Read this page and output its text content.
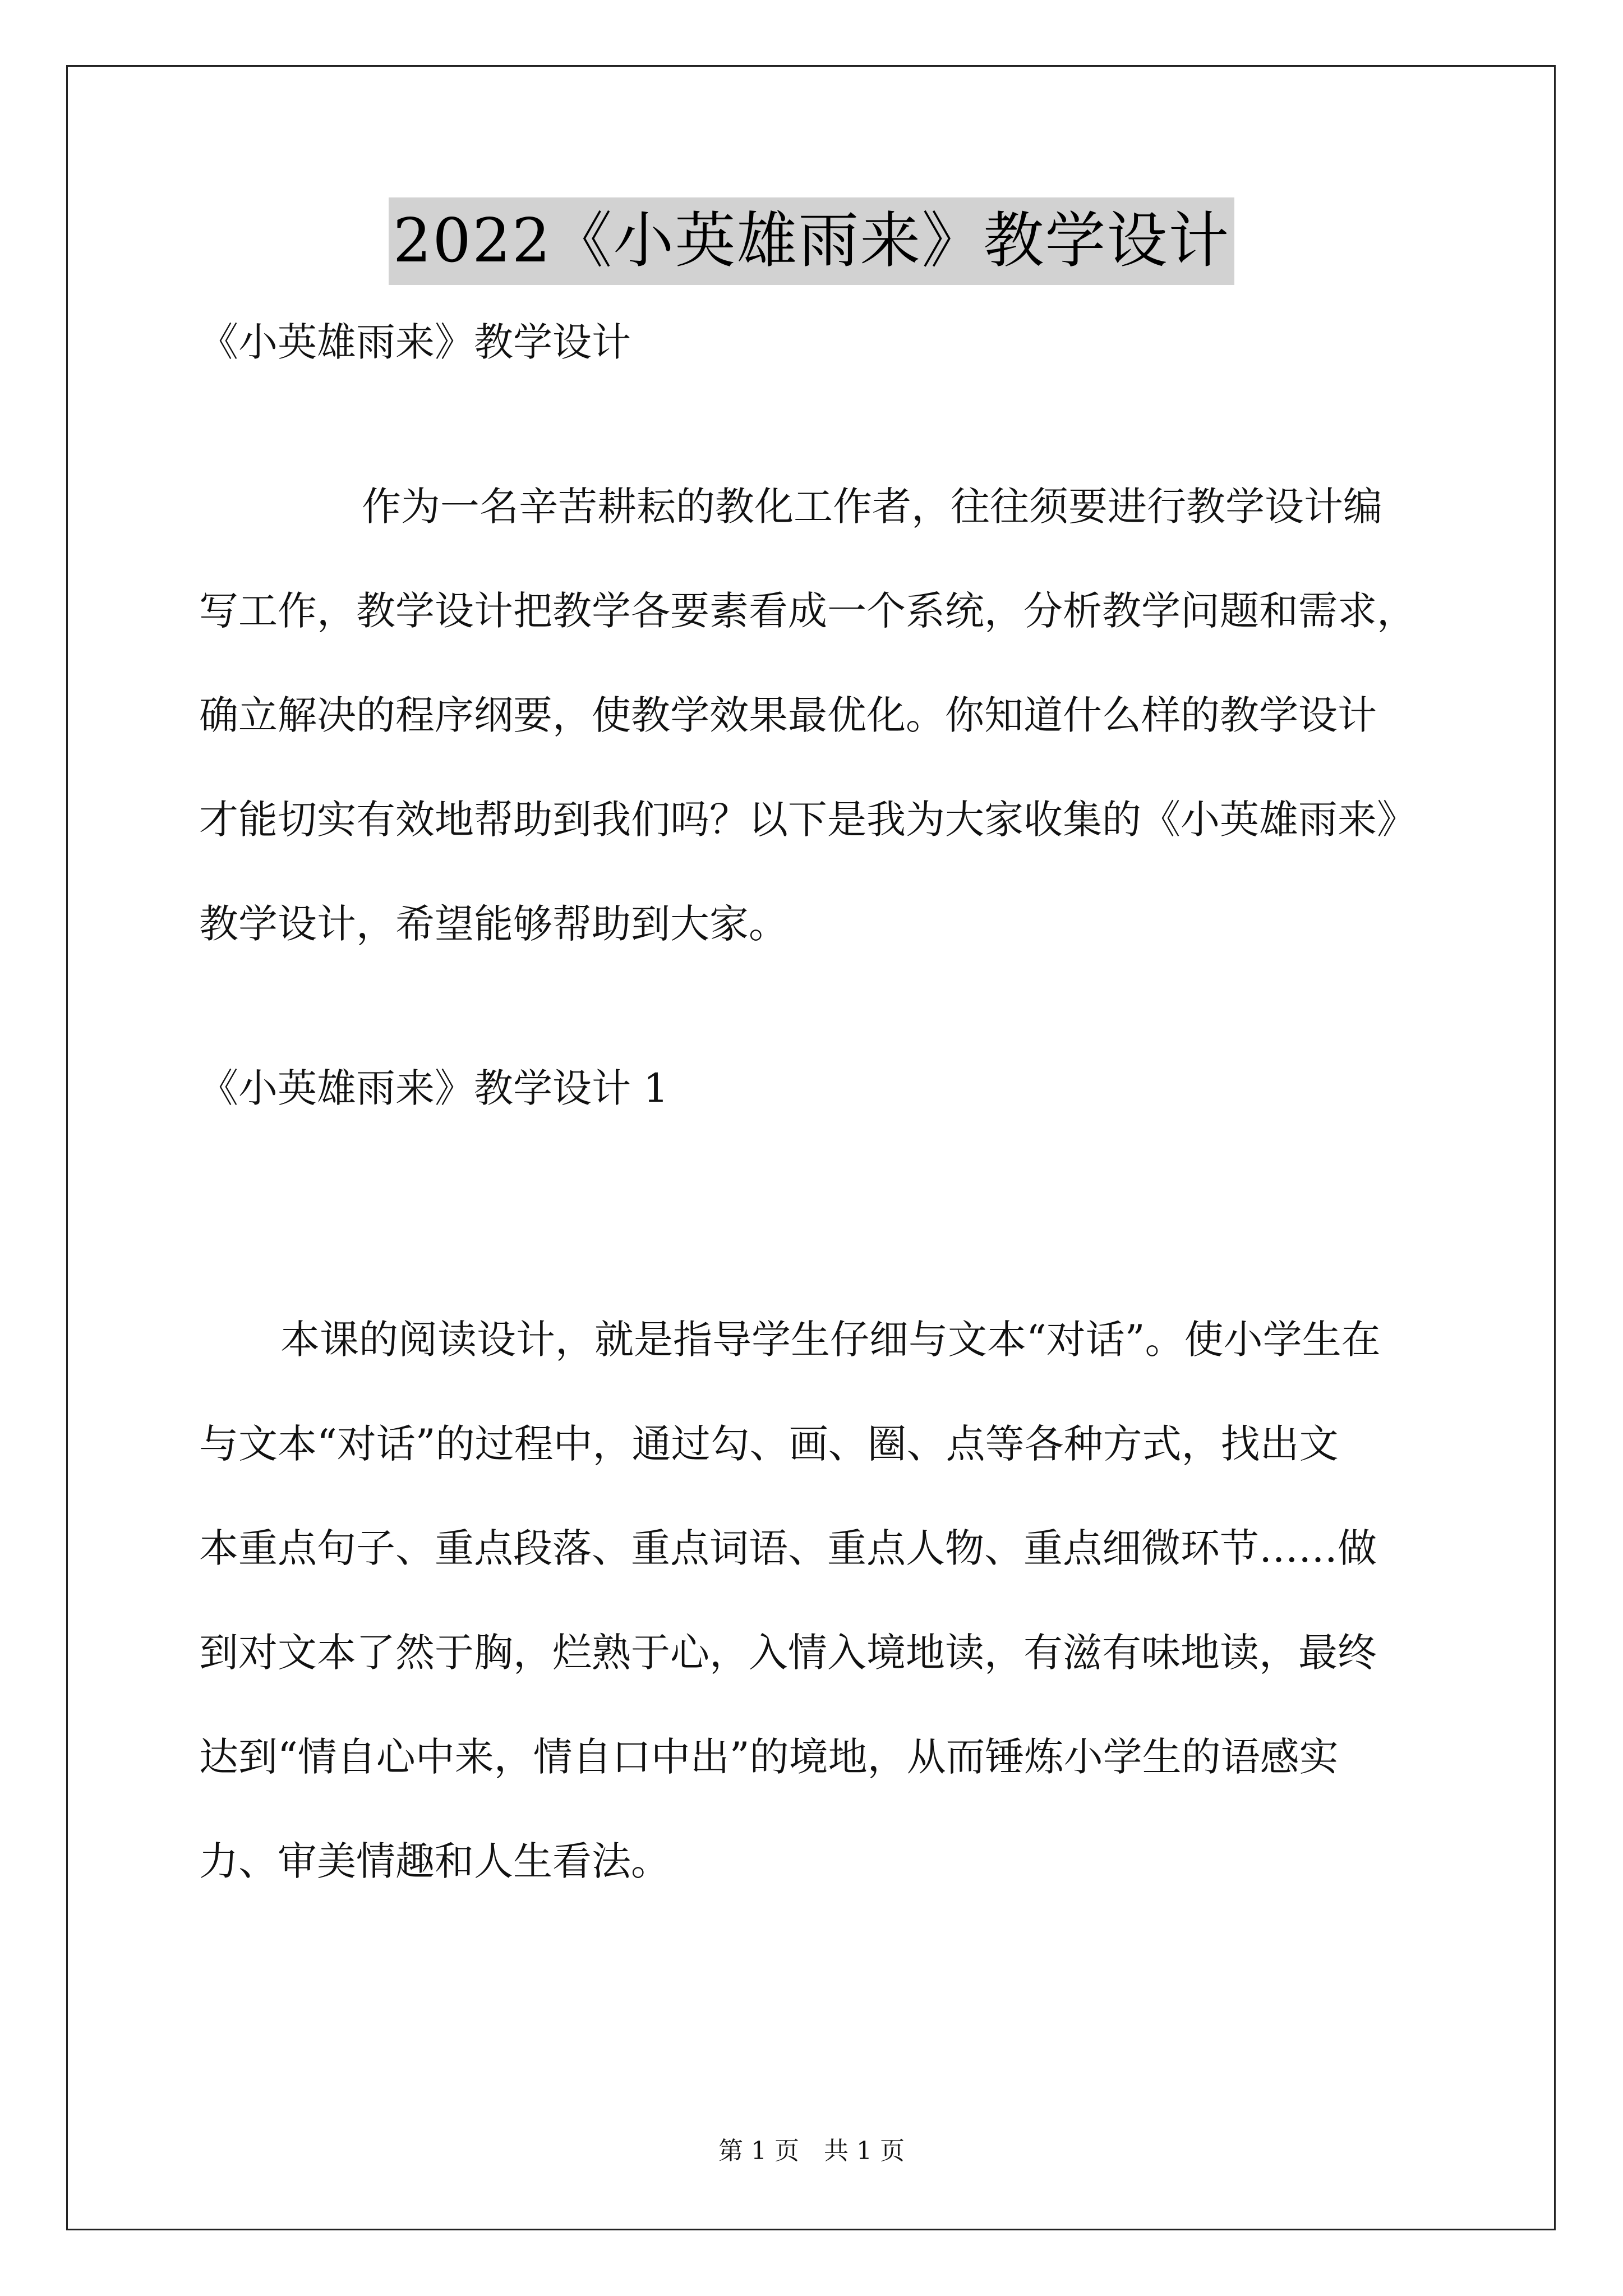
2022《小英雄雨来》教学设计
《小英雄雨来》教学设计
作为一名辛苦耕耘的教化工作者，往往须要进行教学设计编
写工作，教学设计把教学各要素看成一个系统，分析教学问题和需求，
确立解决的程序纲要，使教学效果最优化。你知道什么样的教学设计
才能切实有效地帮助到我们吗？以下是我为大家收集的《小英雄雨来》
教学设计，希望能够帮助到大家。
《小英雄雨来》教学设计 1
本课的阅读设计，就是指导学生仔细与文本“对话”。使小学生在
与文本“对话”的过程中，通过勾、画、圈、点等各种方式，找出文
本重点句子、重点段落、重点词语、重点人物、重点细微环节……做
到对文本了然于胸，烂熟于心，入情入境地读，有滋有味地读，最终
达到“情自心中来，情自口中出”的境地，从而锤炼小学生的语感实
力、审美情趣和人生看法。
第 1 页　共 1 页
